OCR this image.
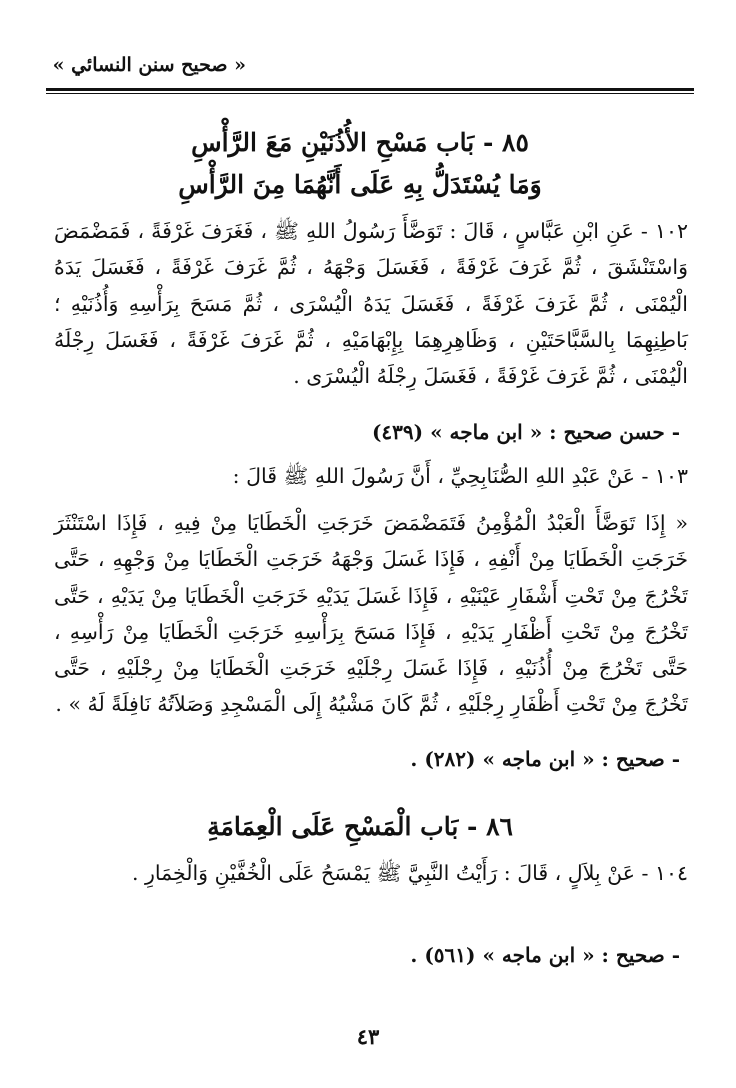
« صحيح سنن النسائي »
٨٥ - بَاب مَسْحِ الأُذُنَيْنِ مَعَ الرَّأْسِ
وَمَا يُسْتَدَلُّ بِهِ عَلَى أَنَّهُمَا مِنَ الرَّأْسِ

١٠٢ - عَنِ ابْنِ عَبَّاسٍ ، قَالَ : تَوَضَّأَ رَسُولُ اللهِ ﷺ ، فَغَرَفَ غَرْفَةً ، فَمَضْمَضَ وَاسْتَنْشَقَ ، ثُمَّ غَرَفَ غَرْفَةً ، فَغَسَلَ وَجْهَهُ ، ثُمَّ غَرَفَ غَرْفَةً ، فَغَسَلَ يَدَهُ الْيُمْنَى ، ثُمَّ غَرَفَ غَرْفَةً ، فَغَسَلَ يَدَهُ الْيُسْرَى ، ثُمَّ مَسَحَ بِرَأْسِهِ وَأُذُنَيْهِ ؛ بَاطِنِهِمَا بِالسَّبَّاحَتَيْنِ ، وَظَاهِرِهِمَا بِإِبْهَامَيْهِ ، ثُمَّ غَرَفَ غَرْفَةً ، فَغَسَلَ رِجْلَهُ الْيُمْنَى ، ثُمَّ غَرَفَ غَرْفَةً ، فَغَسَلَ رِجْلَهُ الْيُسْرَى .

- حسن صحيح : « ابن ماجه » (٤٣٩)

١٠٣ - عَنْ عَبْدِ اللهِ الصُّنَابِحِيِّ ، أَنَّ رَسُولَ اللهِ ﷺ قَالَ :

« إِذَا تَوَضَّأَ الْعَبْدُ الْمُؤْمِنُ فَتَمَضْمَضَ خَرَجَتِ الْخَطَايَا مِنْ فِيهِ ، فَإِذَا اسْتَنْثَرَ خَرَجَتِ الْخَطَايَا مِنْ أَنْفِهِ ، فَإِذَا غَسَلَ وَجْهَهُ خَرَجَتِ الْخَطَايَا مِنْ وَجْهِهِ ، حَتَّى تَخْرُجَ مِنْ تَحْتِ أَشْفَارِ عَيْنَيْهِ ، فَإِذَا غَسَلَ يَدَيْهِ خَرَجَتِ الْخَطَايَا مِنْ يَدَيْهِ ، حَتَّى تَخْرُجَ مِنْ تَحْتِ أَظْفَارِ يَدَيْهِ ، فَإِذَا مَسَحَ بِرَأْسِهِ خَرَجَتِ الْخَطَايَا مِنْ رَأْسِهِ ، حَتَّى تَخْرُجَ مِنْ أُذُنَيْهِ ، فَإِذَا غَسَلَ رِجْلَيْهِ خَرَجَتِ الْخَطَايَا مِنْ رِجْلَيْهِ ، حَتَّى تَخْرُجَ مِنْ تَحْتِ أَظْفَارِ رِجْلَيْهِ ، ثُمَّ كَانَ مَشْيُهُ إِلَى الْمَسْجِدِ وَصَلاَتُهُ نَافِلَةً لَهُ » .

- صحيح : « ابن ماجه » (٢٨٢) .
٨٦ - بَاب الْمَسْحِ عَلَى الْعِمَامَةِ

١٠٤ - عَنْ بِلاَلٍ ، قَالَ : رَأَيْتُ النَّبِيَّ ﷺ يَمْسَحُ عَلَى الْخُفَّيْنِ وَالْخِمَارِ .

- صحيح : « ابن ماجه » (٥٦١) .
٤٣
